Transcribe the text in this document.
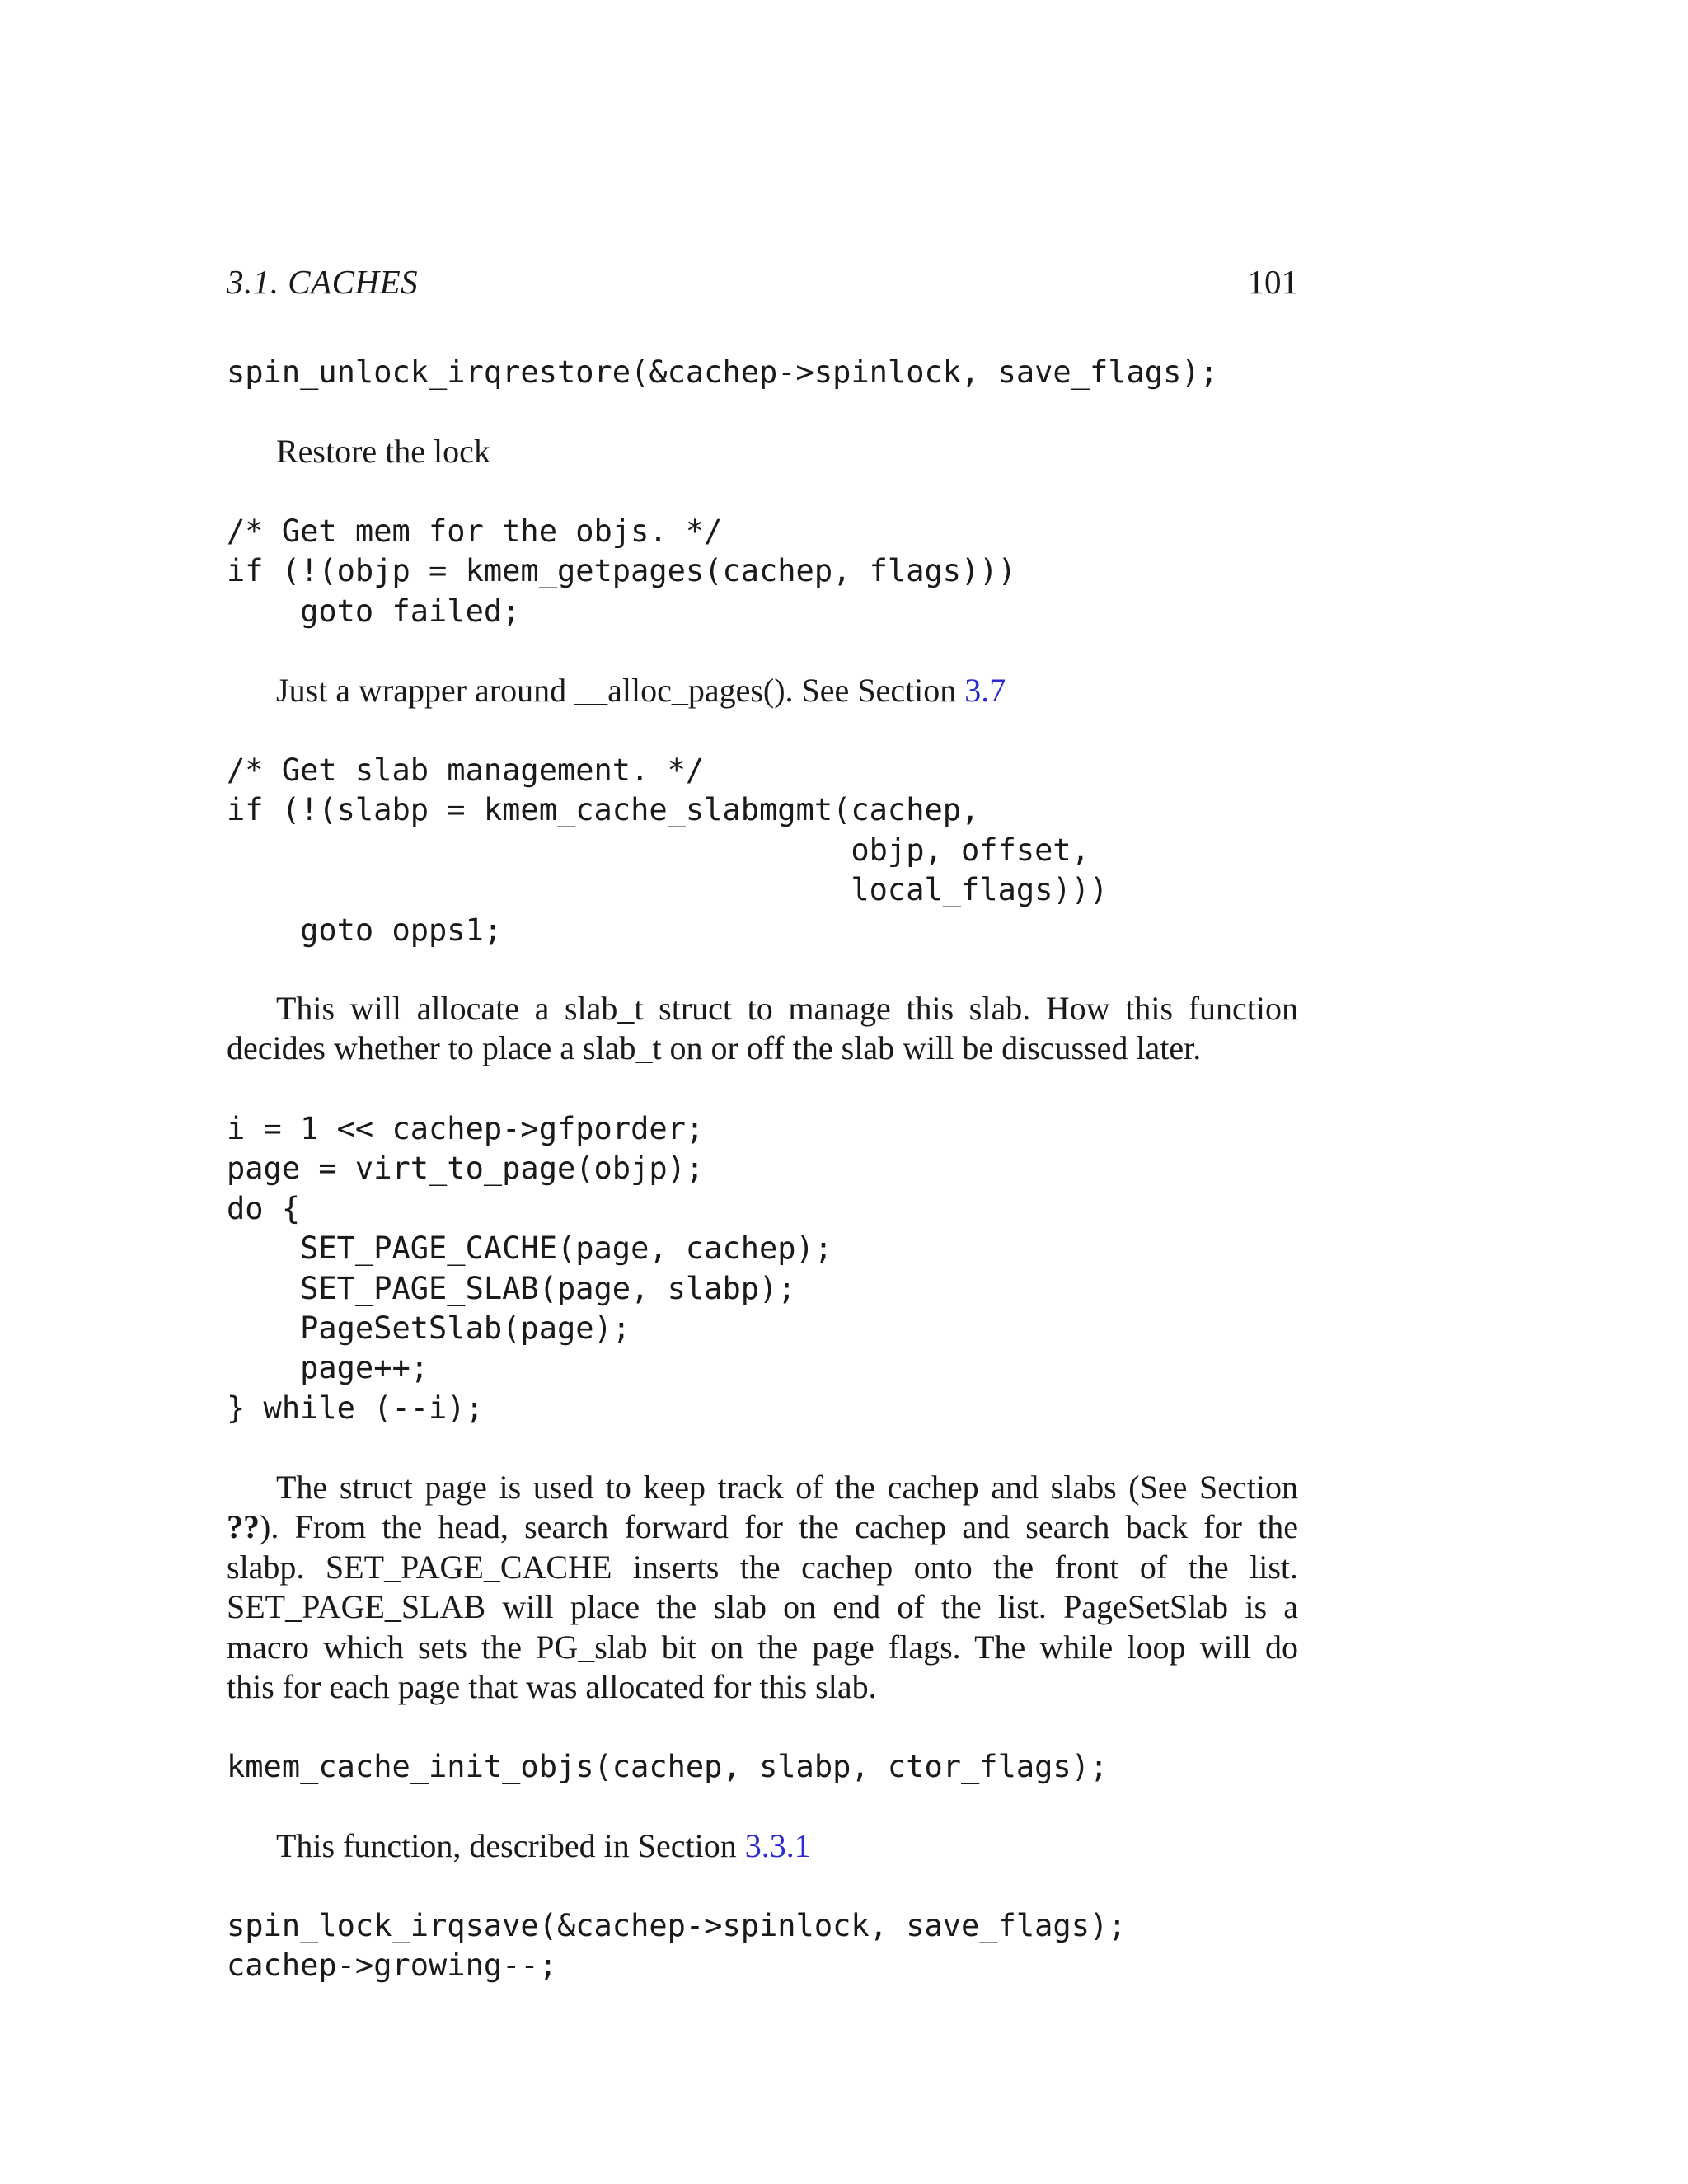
3.1. CACHES	101
spin_unlock_irqrestore(&cachep->spinlock, save_flags);
Restore the lock
/* Get mem for the objs. */
if (!(objp = kmem_getpages(cachep, flags)))
goto failed;
Just a wrapper around __alloc_pages(). See Section 3.7
/* Get slab management. */
if (!(slabp = kmem_cache_slabmgmt(cachep,
objp, offset,
local_flags)))
goto opps1;
This will allocate a slab_t struct to manage this slab. How this function
decides whether to place a slab_t on or off the slab will be discussed later.
i = 1 << cachep->gfporder;
page = virt_to_page(objp);
do {
SET_PAGE_CACHE(page, cachep);
SET_PAGE_SLAB(page, slabp);
PageSetSlab(page);
page++;
} while (--i);
The struct page is used to keep track of the cachep and slabs (See Section
??). From the head, search forward for the cachep and search back for the
slabp. SET_PAGE_CACHE inserts the cachep onto the front of the list.
SET_PAGE_SLAB will place the slab on end of the list. PageSetSlab is a
macro which sets the PG_slab bit on the page flags. The while loop will do
this for each page that was allocated for this slab.
kmem_cache_init_objs(cachep, slabp, ctor_flags);
This function, described in Section 3.3.1
spin_lock_irqsave(&cachep->spinlock, save_flags);
cachep->growing--;
